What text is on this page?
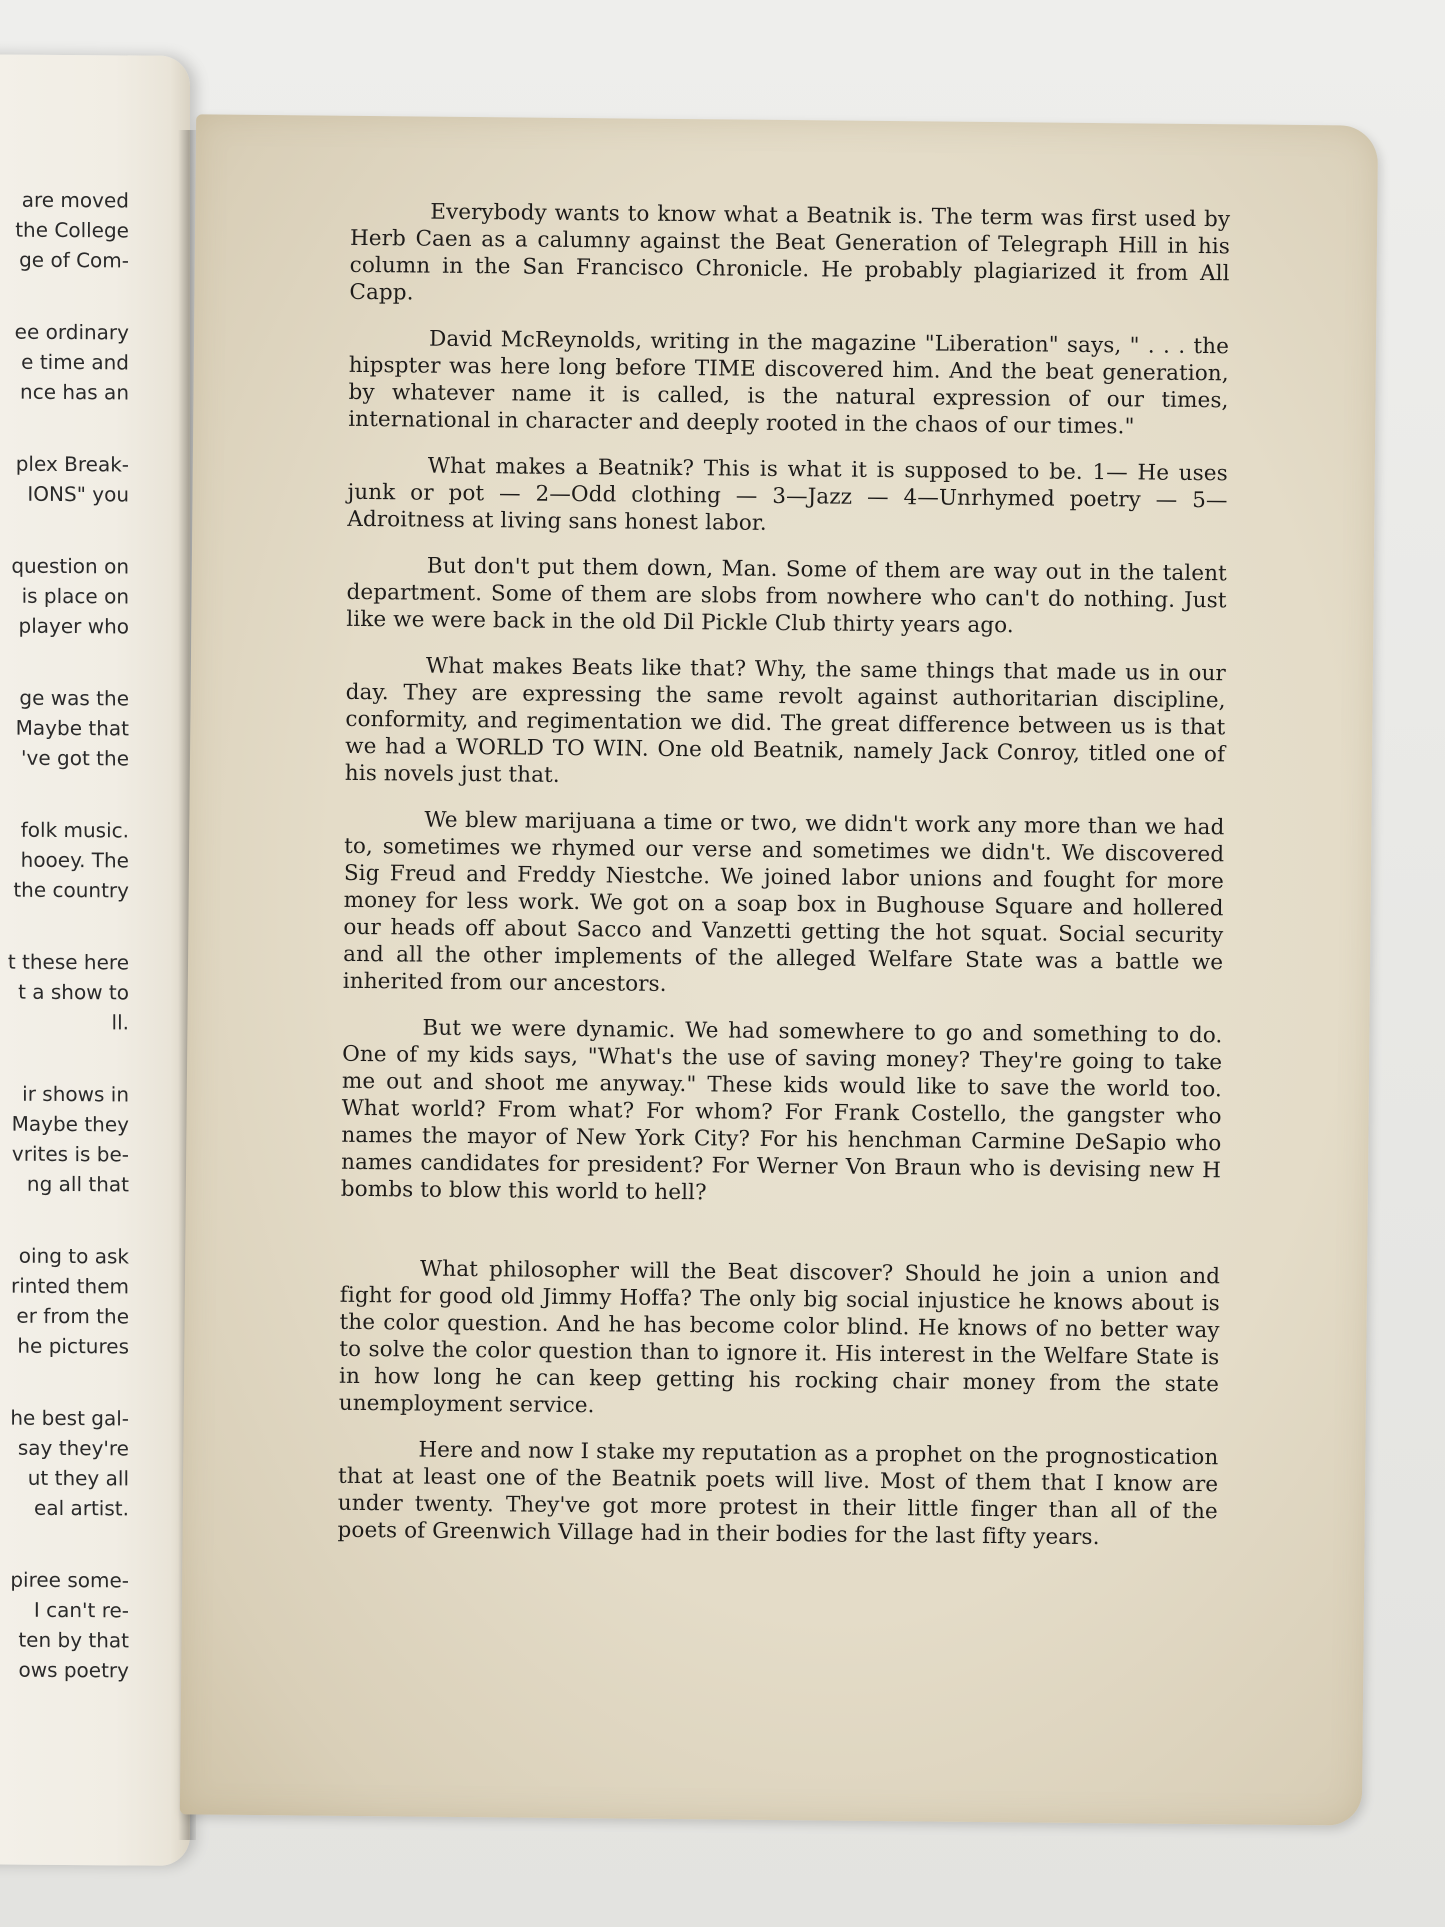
are moved
the College
ge of Com-
ee ordinary
e time and
nce has an
plex Break-
IONS" you
question on
is place on
player who
ge was the
Maybe that
've got the
folk music.
hooey. The
the country
t these here
t a show to
ll.
ir shows in
Maybe they
vrites is be-
ng all that
oing to ask
rinted them
er from the
he pictures
he best gal-
say they're
ut they all
eal artist.
piree some-
I can't re-
ten by that
ows poetry

Everybody wants to know what a Beatnik is. The term was first used by Herb Caen as a calumny against the Beat Generation of Telegraph Hill in his column in the San Francisco Chronicle. He probably plagiarized it from All Capp.

David McReynolds, writing in the magazine "Liberation" says, " . . . the hipspter was here long before TIME discovered him. And the beat generation, by whatever name it is called, is the natural expression of our times, international in character and deeply rooted in the chaos of our times."

What makes a Beatnik? This is what it is supposed to be. 1— He uses junk or pot — 2—Odd clothing — 3—Jazz — 4—Unrhymed poetry — 5—Adroitness at living sans honest labor.

But don't put them down, Man. Some of them are way out in the talent department. Some of them are slobs from nowhere who can't do nothing. Just like we were back in the old Dil Pickle Club thirty years ago.

What makes Beats like that? Why, the same things that made us in our day. They are expressing the same revolt against authoritarian discipline, conformity, and regimentation we did. The great difference between us is that we had a WORLD TO WIN. One old Beatnik, namely Jack Conroy, titled one of his novels just that.

We blew marijuana a time or two, we didn't work any more than we had to, sometimes we rhymed our verse and sometimes we didn't. We discovered Sig Freud and Freddy Niestche. We joined labor unions and fought for more money for less work. We got on a soap box in Bughouse Square and hollered our heads off about Sacco and Vanzetti getting the hot squat. Social security and all the other implements of the alleged Welfare State was a battle we inherited from our ancestors.

But we were dynamic. We had somewhere to go and something to do. One of my kids says, "What's the use of saving money? They're going to take me out and shoot me anyway." These kids would like to save the world too. What world? From what? For whom? For Frank Costello, the gangster who names the mayor of New York City? For his henchman Carmine DeSapio who names candidates for president? For Werner Von Braun who is devising new H bombs to blow this world to hell?

What philosopher will the Beat discover? Should he join a union and fight for good old Jimmy Hoffa? The only big social injustice he knows about is the color question. And he has become color blind. He knows of no better way to solve the color question than to ignore it. His interest in the Welfare State is in how long he can keep getting his rocking chair money from the state unemployment service.

Here and now I stake my reputation as a prophet on the prognostication that at least one of the Beatnik poets will live. Most of them that I know are under twenty. They've got more protest in their little finger than all of the poets of Greenwich Village had in their bodies for the last fifty years.
